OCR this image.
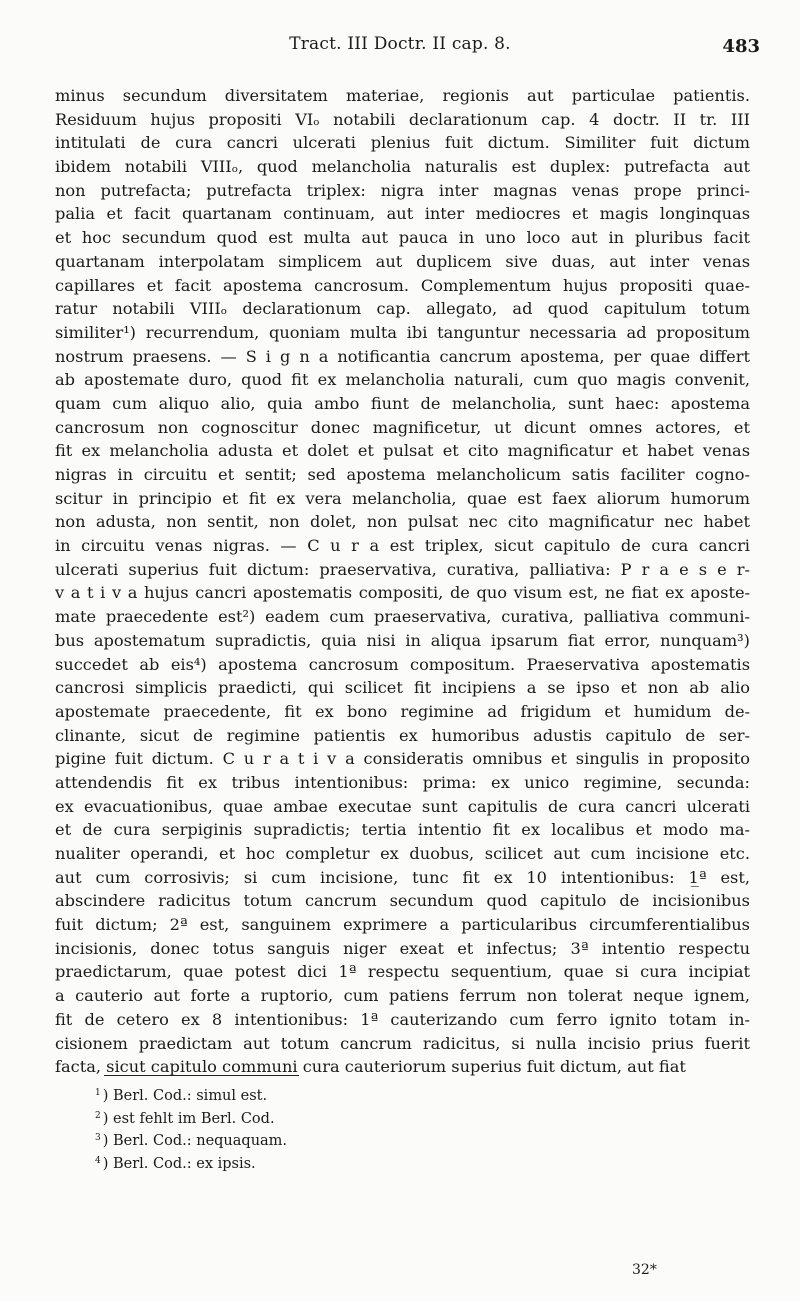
Tract. III Doctr. II cap. 8.	483
minus secundum diversitatem materiae, regionis aut particulae patientis.
Residuum hujus propositi VIₒ notabili declarationum cap. 4 doctr. II tr. III
intitulati de cura cancri ulcerati plenius fuit dictum. Similiter fuit dictum
ibidem notabili VIIIₒ, quod melancholia naturalis est duplex: putrefacta aut
non putrefacta; putrefacta triplex: nigra inter magnas venas prope princi-
palia et facit quartanam continuam, aut inter mediocres et magis longinquas
et hoc secundum quod est multa aut pauca in uno loco aut in pluribus facit
quartanam interpolatam simplicem aut duplicem sive duas, aut inter venas
capillares et facit apostema cancrosum. Complementum hujus propositi quae-
ratur notabili VIIIₒ declarationum cap. allegato, ad quod capitulum totum
similiter¹) recurrendum, quoniam multa ibi tanguntur necessaria ad propositum
nostrum praesens. — S i g n a notificantia cancrum apostema, per quae differt
ab apostemate duro, quod fit ex melancholia naturali, cum quo magis convenit,
quam cum aliquo alio, quia ambo fiunt de melancholia, sunt haec: apostema
cancrosum non cognoscitur donec magnificetur, ut dicunt omnes actores, et
fit ex melancholia adusta et dolet et pulsat et cito magnificatur et habet venas
nigras in circuitu et sentit; sed apostema melancholicum satis faciliter cogno-
scitur in principio et fit ex vera melancholia, quae est faex aliorum humorum
non adusta, non sentit, non dolet, non pulsat nec cito magnificatur nec habet
in circuitu venas nigras. — C u r a est triplex, sicut capitulo de cura cancri
ulcerati superius fuit dictum: praeservativa, curativa, palliativa: P r a e s e r-
v a t i v a hujus cancri apostematis compositi, de quo visum est, ne fiat ex aposte-
mate praecedente est²) eadem cum praeservativa, curativa, palliativa communi-
bus apostematum supradictis, quia nisi in aliqua ipsarum fiat error, nunquam³)
succedet ab eis⁴) apostema cancrosum compositum. Praeservativa apostematis
cancrosi simplicis praedicti, qui scilicet fit incipiens a se ipso et non ab alio
apostemate praecedente, fit ex bono regimine ad frigidum et humidum de-
clinante, sicut de regimine patientis ex humoribus adustis capitulo de ser-
pigine fuit dictum. C u r a t i v a consideratis omnibus et singulis in proposito
attendendis fit ex tribus intentionibus: prima: ex unico regimine, secunda:
ex evacuationibus, quae ambae executae sunt capitulis de cura cancri ulcerati
et de cura serpiginis supradictis; tertia intentio fit ex localibus et modo ma-
nualiter operandi, et hoc completur ex duobus, scilicet aut cum incisione etc.
aut cum corrosivis; si cum incisione, tunc fit ex 10 intentionibus: 1̲ª est,
abscindere radicitus totum cancrum secundum quod capitulo de incisionibus
fuit dictum; 2ª est, sanguinem exprimere a particularibus circumferentialibus
incisionis, donec totus sanguis niger exeat et infectus; 3ª intentio respectu
praedictarum, quae potest dici 1ª respectu sequentium, quae si cura incipiat
a cauterio aut forte a ruptorio, cum patiens ferrum non tolerat neque ignem,
fit de cetero ex 8 intentionibus: 1ª cauterizando cum ferro ignito totam in-
cisionem praedictam aut totum cancrum radicitus, si nulla incisio prius fuerit
facta, sicut capitulo communi cura cauteriorum superius fuit dictum, aut fiat
$^1$ ) Berl. Cod.: simul est.
$^2$ ) est fehlt im Berl. Cod.
$^3$ ) Berl. Cod.: nequaquam.
$^4$ ) Berl. Cod.: ex ipsis.
32*
